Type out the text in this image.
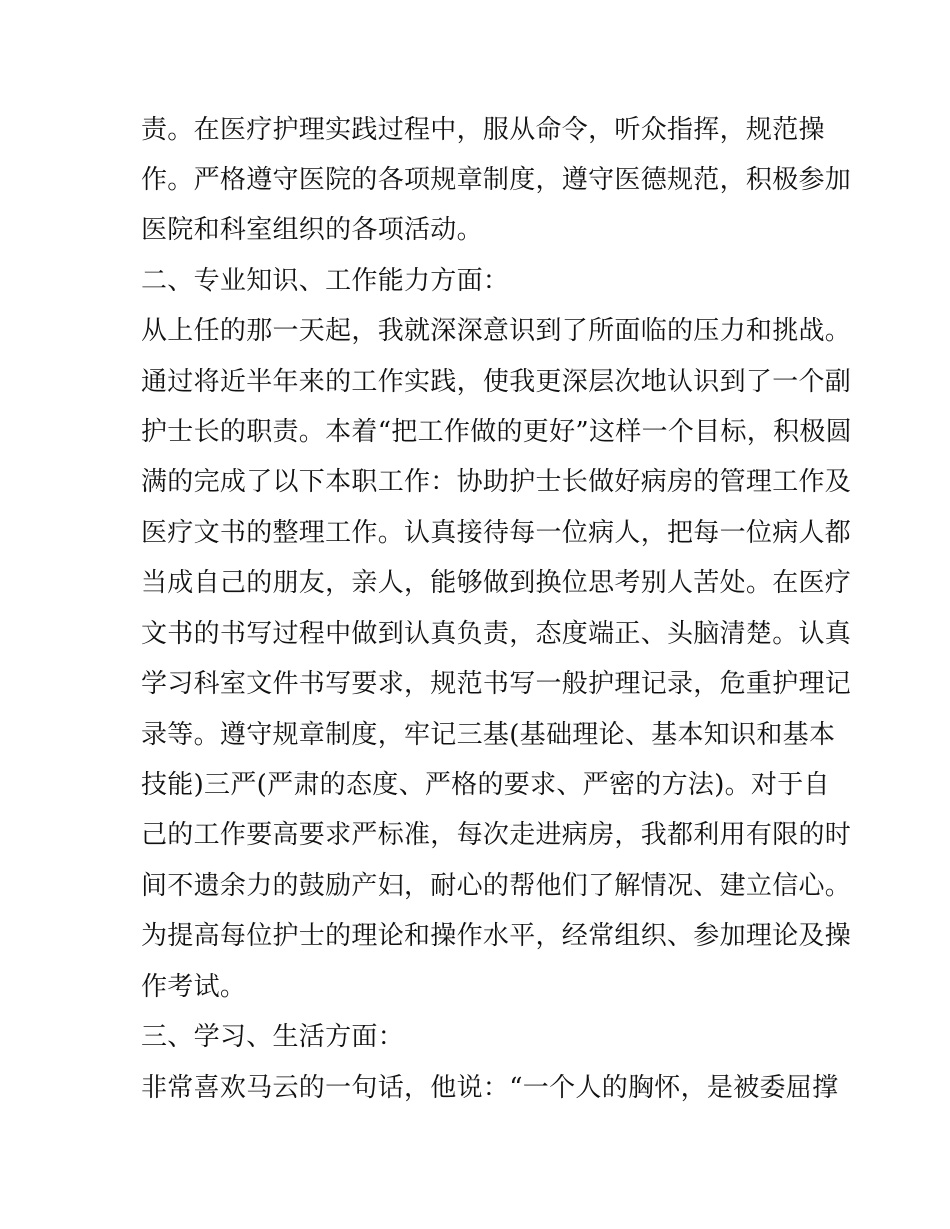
责。在医疗护理实践过程中，服从命令，听众指挥，规范操
作。严格遵守医院的各项规章制度，遵守医德规范，积极参加
医院和科室组织的各项活动。
二、专业知识、工作能力方面：
从上任的那一天起，我就深深意识到了所面临的压力和挑战。
通过将近半年来的工作实践，使我更深层次地认识到了一个副
护士长的职责。本着“把工作做的更好”这样一个目标，积极圆
满的完成了以下本职工作：协助护士长做好病房的管理工作及
医疗文书的整理工作。认真接待每一位病人，把每一位病人都
当成自己的朋友，亲人，能够做到换位思考别人苦处。在医疗
文书的书写过程中做到认真负责，态度端正、头脑清楚。认真
学习科室文件书写要求，规范书写一般护理记录，危重护理记
录等。遵守规章制度，牢记三基(基础理论、基本知识和基本
技能)三严(严肃的态度、严格的要求、严密的方法)。对于自
己的工作要高要求严标准，每次走进病房，我都利用有限的时
间不遗余力的鼓励产妇，耐心的帮他们了解情况、建立信心。
为提高每位护士的理论和操作水平，经常组织、参加理论及操
作考试。
三、学习、生活方面：
非常喜欢马云的一句话，他说：“一个人的胸怀，是被委屈撑
